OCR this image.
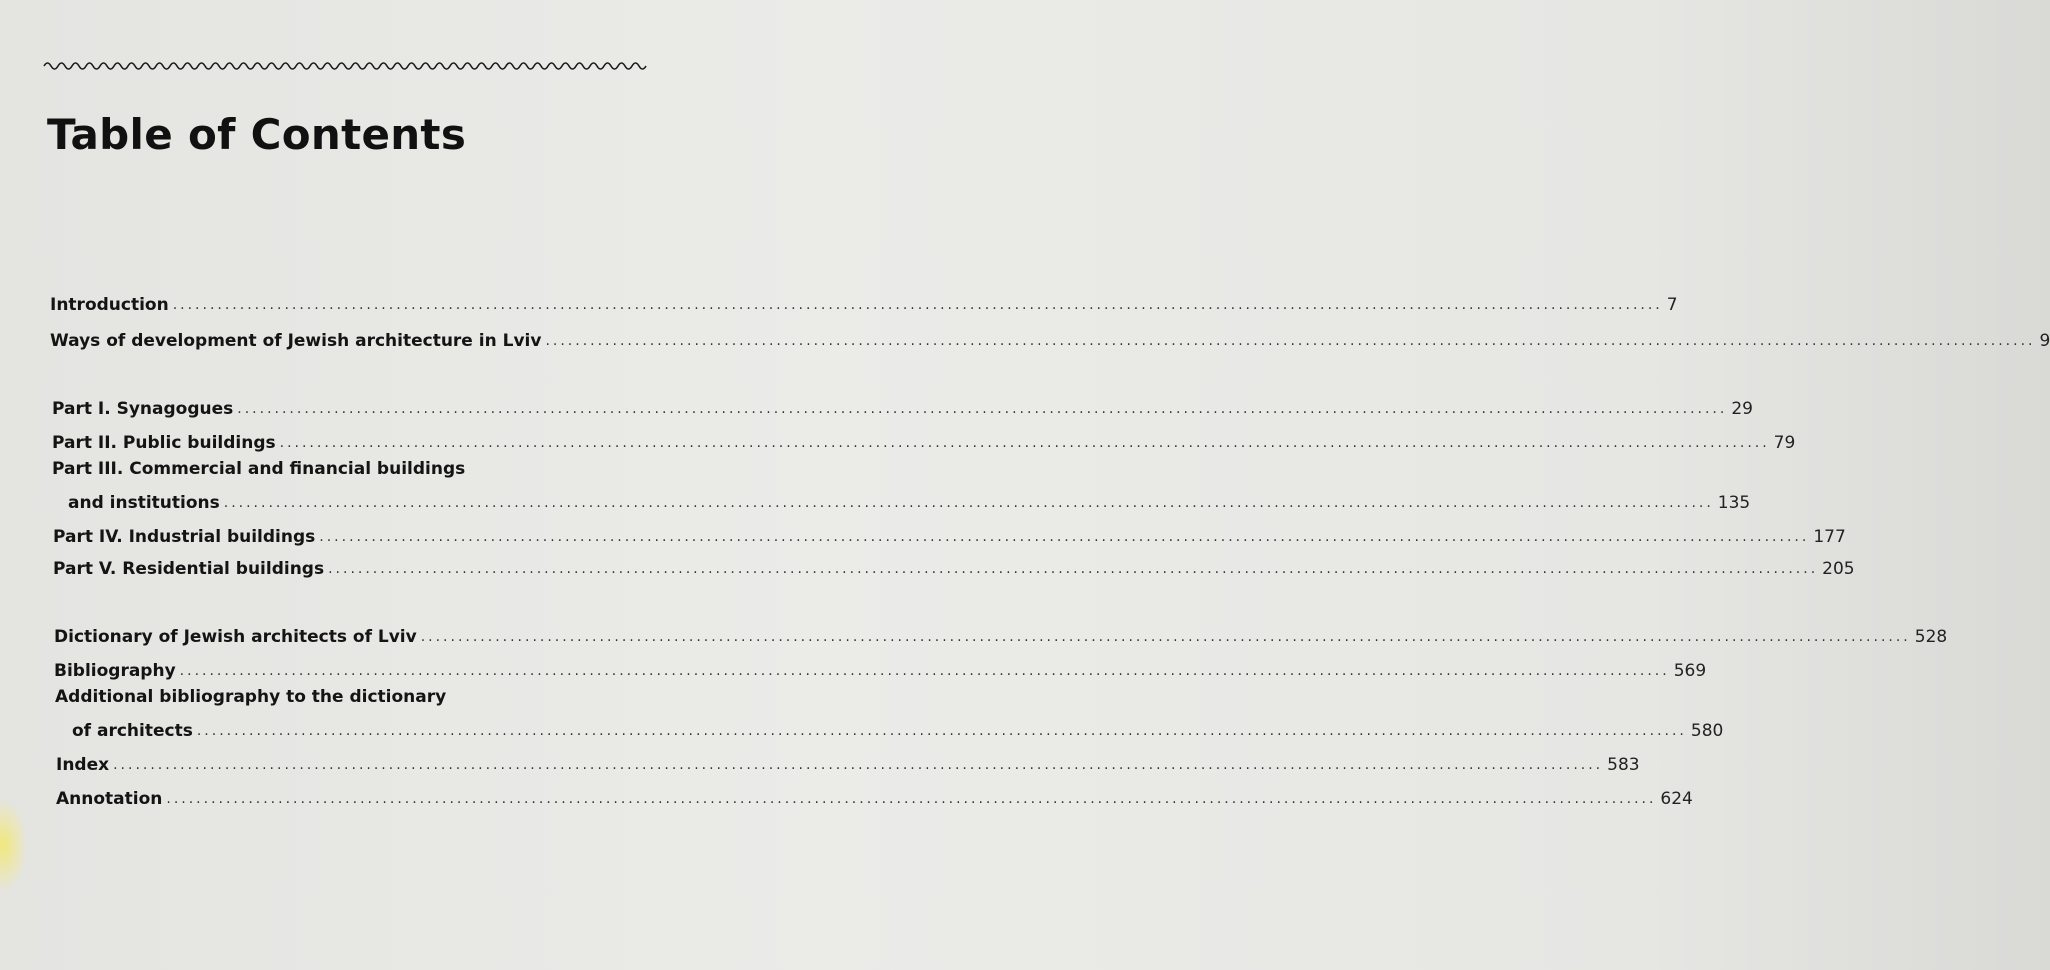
Table of Contents
Introduction ........................................................................................................................................................................................................ 7
Ways of development of Jewish architecture in Lviv ........................................................................................................................................................................................................ 9
Part I. Synagogues ........................................................................................................................................................................................................ 29
Part II. Public buildings ........................................................................................................................................................................................................ 79
Part III. Commercial and financial buildings
and institutions ........................................................................................................................................................................................................ 135
Part IV. Industrial buildings ........................................................................................................................................................................................................ 177
Part V. Residential buildings ........................................................................................................................................................................................................ 205
Dictionary of Jewish architects of Lviv ........................................................................................................................................................................................................ 528
Bibliography ........................................................................................................................................................................................................ 569
Additional bibliography to the dictionary
of architects ........................................................................................................................................................................................................ 580
Index ........................................................................................................................................................................................................ 583
Annotation ........................................................................................................................................................................................................ 624
